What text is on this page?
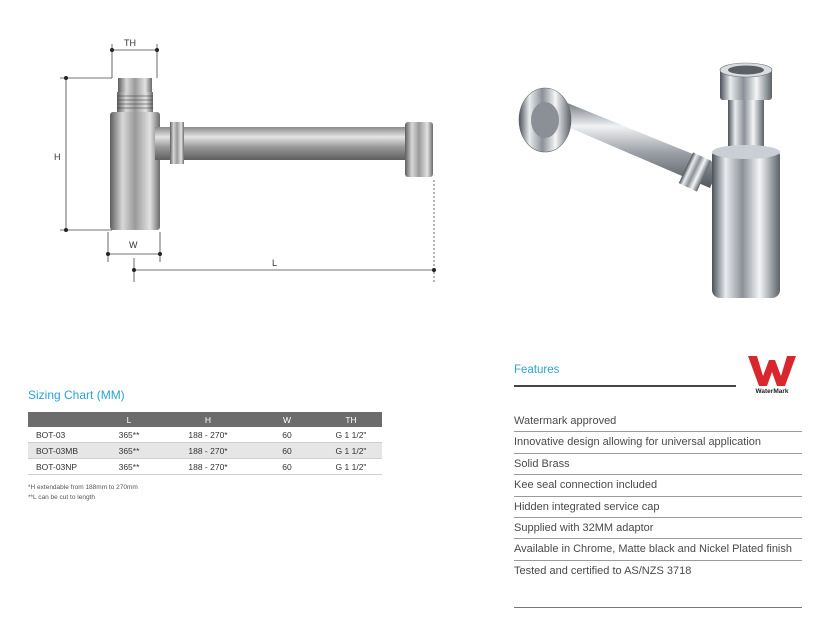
TH
H
W
L
Sizing Chart (MM)
	L	H	W	TH
BOT-03	365**	188 - 270*	60	G 1 1/2"
BOT-03MB	365**	188 - 270*	60	G 1 1/2"
BOT-03NP	365**	188 - 270*	60	G 1 1/2"
*H extendable from 188mm to 270mm
**L can be cut to length
Features
WaterMark
Watermark approved
Innovative design allowing for universal application
Solid Brass
Kee seal connection included
Hidden integrated service cap
Supplied with 32MM adaptor
Available in Chrome, Matte black and Nickel Plated finish
Tested and certified to AS/NZS 3718
